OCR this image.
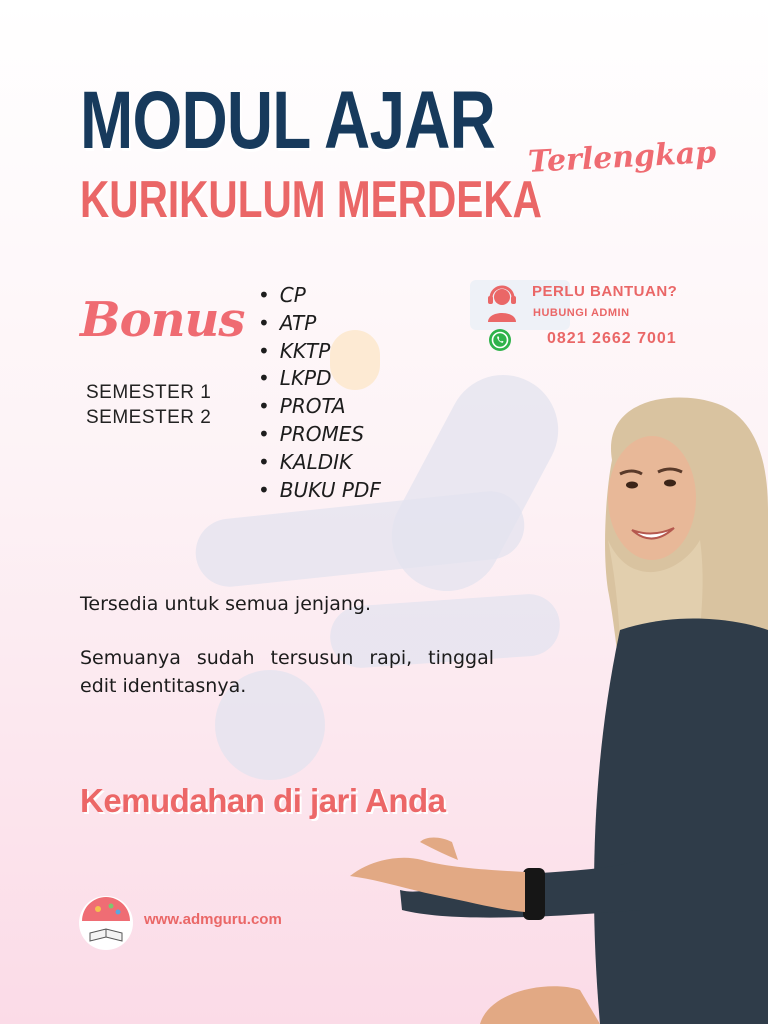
MODUL AJAR
KURIKULUM MERDEKA
Terlengkap
Bonus
SEMESTER 1
SEMESTER 2
• CP
• ATP
• KKTP
• LKPD
• PROTA
• PROMES
• KALDIK
• BUKU PDF
PERLU BANTUAN?
HUBUNGI ADMIN
0821 2662 7001
Tersedia untuk semua jenjang.
Semuanya sudah tersusun rapi, tinggal edit identitasnya.
Kemudahan di jari Anda
www.admguru.com
